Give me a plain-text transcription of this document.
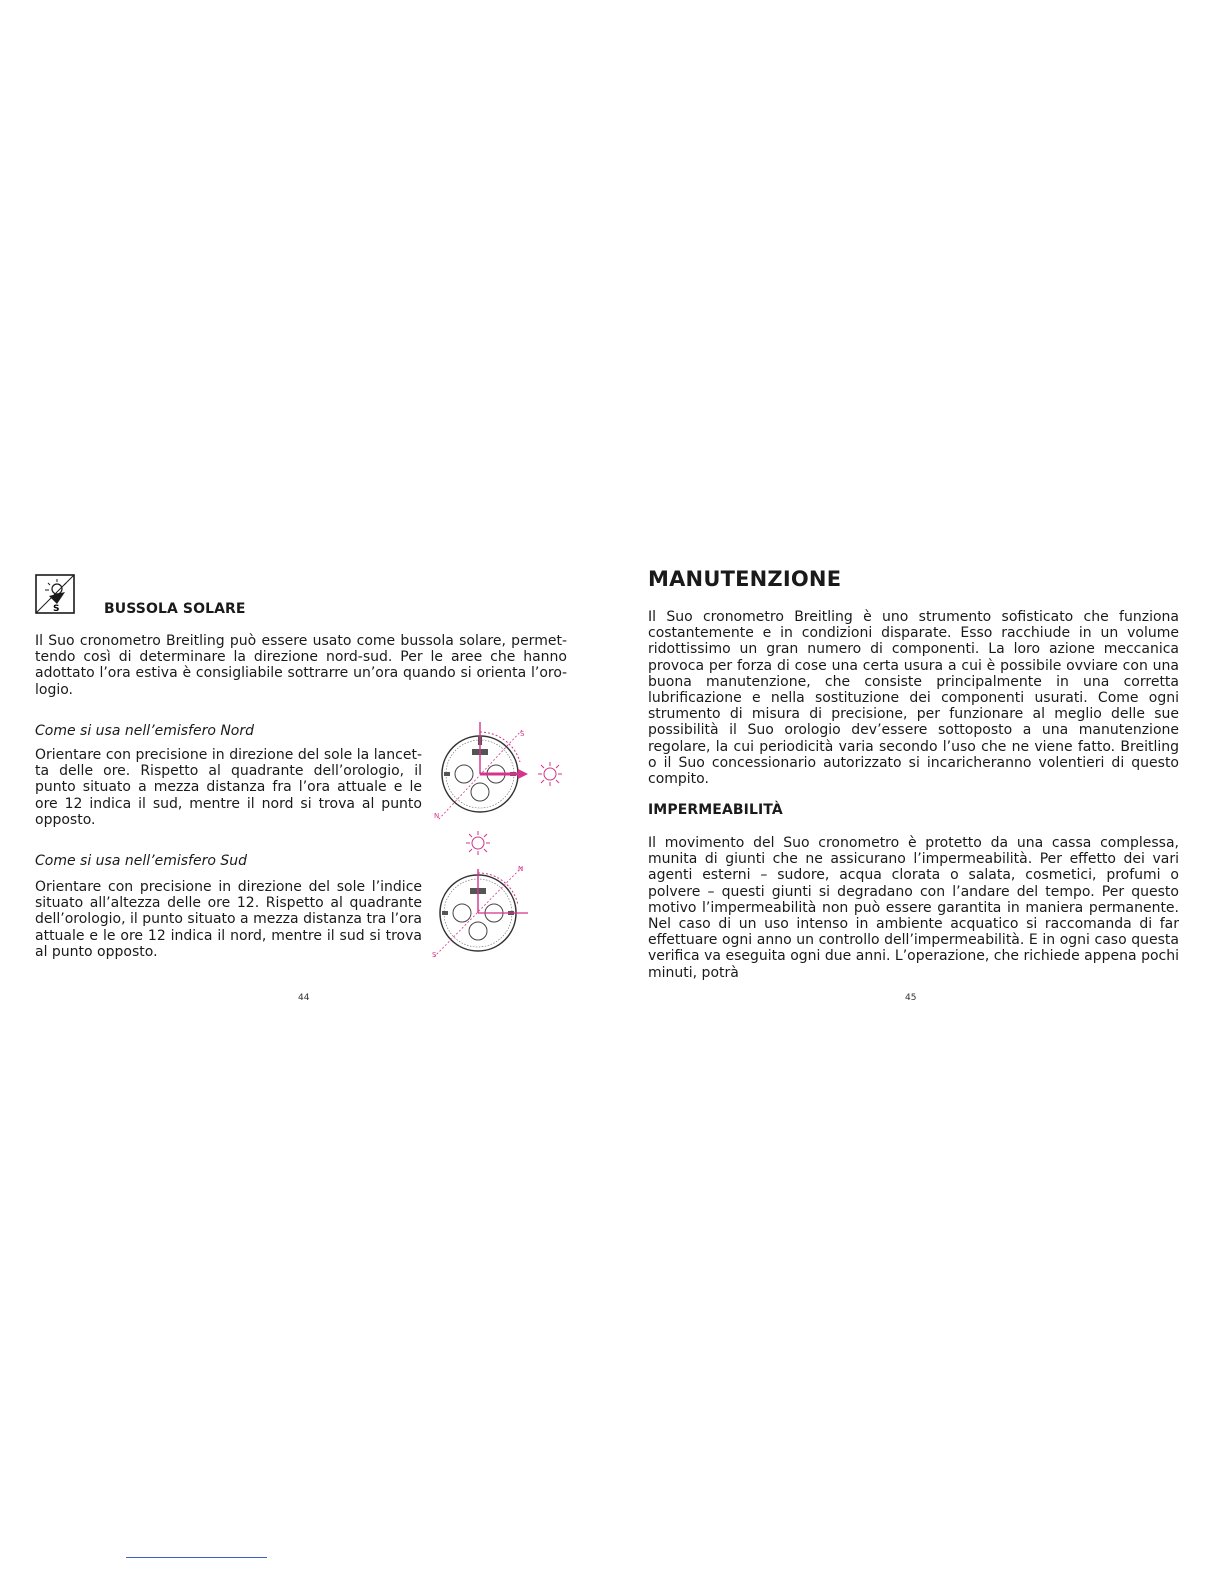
S	BUSSOLA SOLARE

Il Suo cronometro Breitling può essere usato come bussola solare, permettendo così di determinare la direzione nord-sud. Per le aree che hanno adottato l’ora estiva è consigliabile sottrarre un’ora quando si orienta l’orologio.

Come si usa nell’emisfero Nord

Orientare con precisione in direzione del sole la lancetta delle ore. Rispetto al quadrante dell’orologio, il punto situato a mezza distanza fra l’ora attuale e le ore 12 indica il sud, mentre il nord si trova al punto opposto.

S
N
Come si usa nell’emisfero Sud

Orientare con precisione in direzione del sole l’indice situato all’altezza delle ore 12. Rispetto al quadrante dell’orologio, il punto situato a mezza distanza tra l’ora attuale e le ore 12 indica il nord, mentre il sud si trova al punto opposto.

N
S
44
MANUTENZIONE

Il Suo cronometro Breitling è uno strumento sofisticato che funziona costantemente e in condizioni disparate. Esso racchiude in un volume ridottissimo un gran numero di componenti. La loro azione meccanica provoca per forza di cose una certa usura a cui è possibile ovviare con una buona manutenzione, che consiste principalmente in una corretta lubrificazione e nella sostituzione dei componenti usurati. Come ogni strumento di misura di precisione, per funzionare al meglio delle sue possibilità il Suo orologio dev’essere sottoposto a una manutenzione regolare, la cui periodicità varia secondo l’uso che ne viene fatto. Breitling o il Suo concessionario autorizzato si incaricheranno volentieri di questo compito.

IMPERMEABILITÀ

Il movimento del Suo cronometro è protetto da una cassa complessa, munita di giunti che ne assicurano l’impermeabilità. Per effetto dei vari agenti esterni – sudore, acqua clorata o salata, cosmetici, profumi o polvere – questi giunti si degradano con l’andare del tempo. Per questo motivo l’impermeabilità non può essere garantita in maniera permanente. Nel caso di un uso intenso in ambiente acquatico si raccomanda di far effettuare ogni anno un controllo dell’impermeabilità. E in ogni caso questa verifica va eseguita ogni due anni. L’operazione, che richiede appena pochi minuti, potrà

45
